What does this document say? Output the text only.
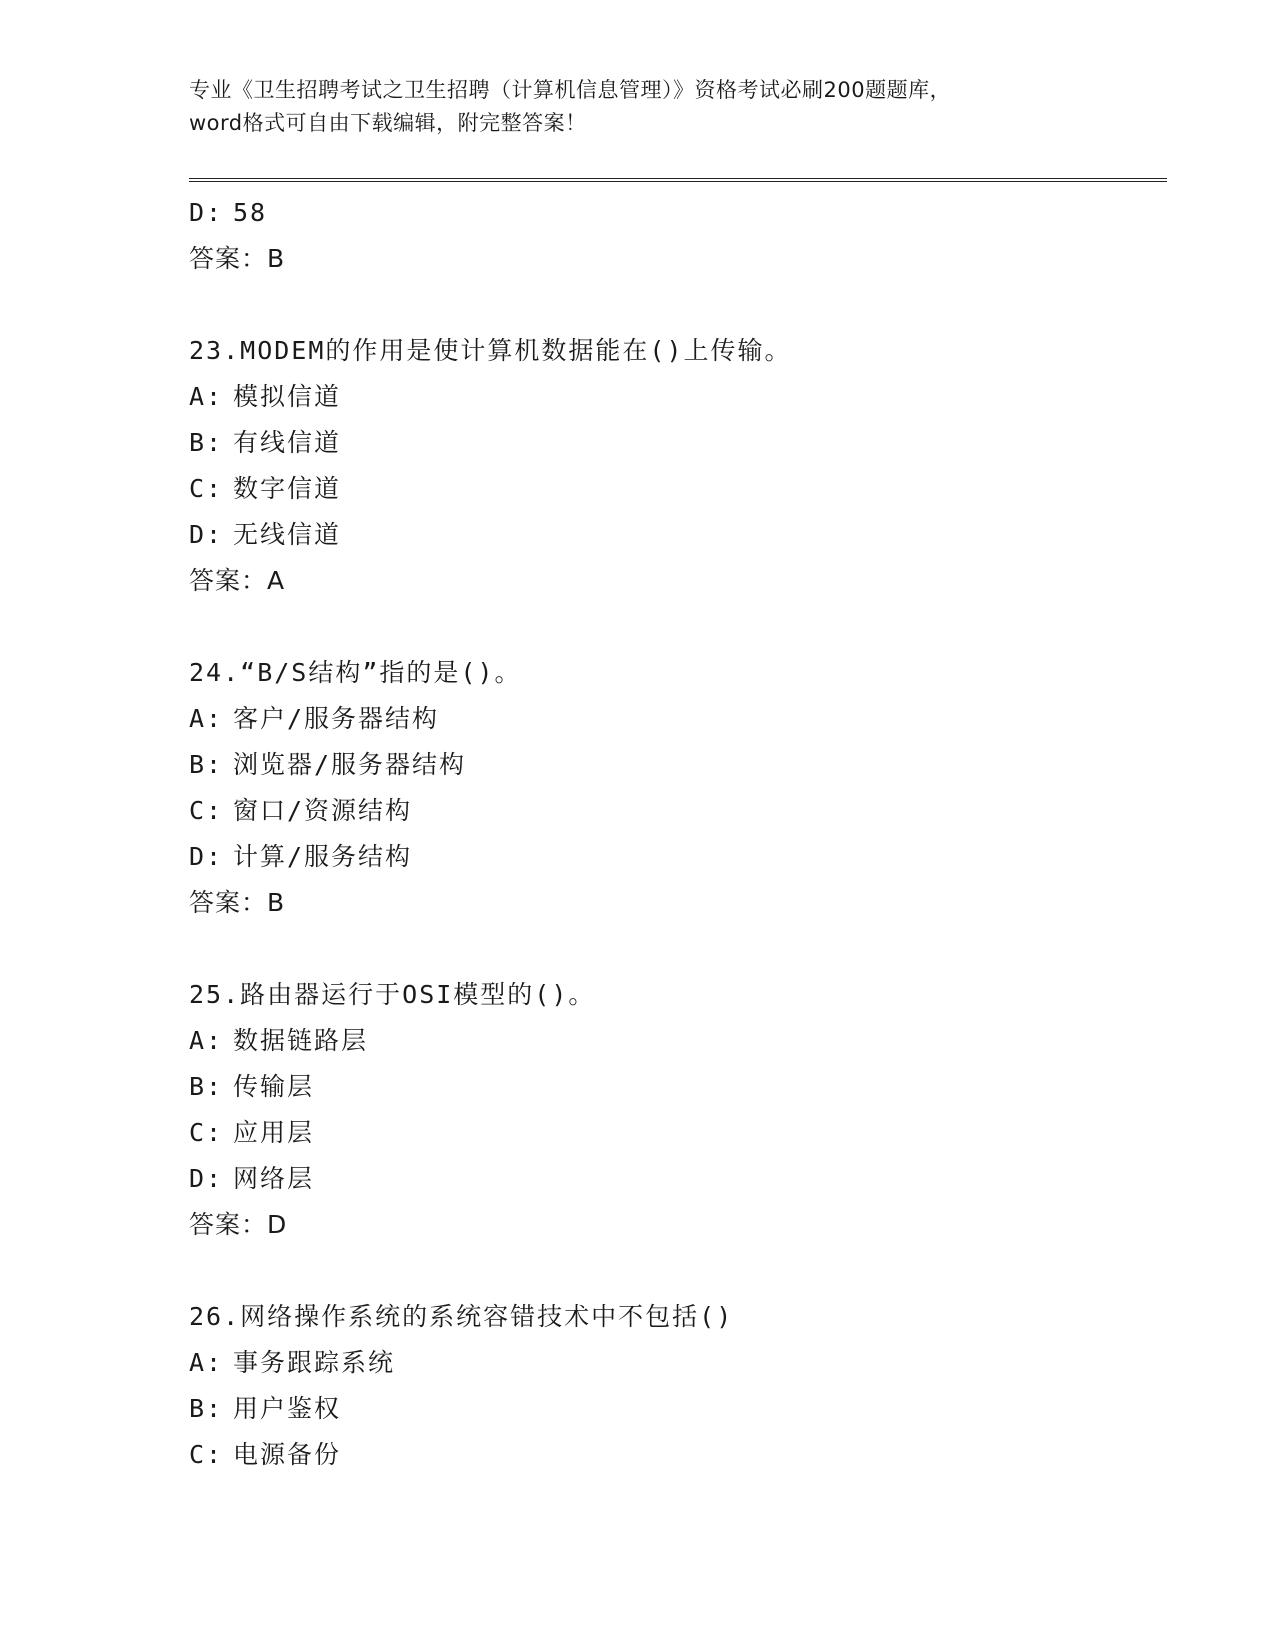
专业《卫生招聘考试之卫生招聘（计算机信息管理）》资格考试必刷200题题库，
word格式可自由下载编辑，附完整答案！
D: 58
答案：B
23.MODEM的作用是使计算机数据能在()上传输。
A: 模拟信道
B: 有线信道
C: 数字信道
D: 无线信道
答案：A
24.“B/S结构”指的是()。
A: 客户/服务器结构
B: 浏览器/服务器结构
C: 窗口/资源结构
D: 计算/服务结构
答案：B
25.路由器运行于OSI模型的()。
A: 数据链路层
B: 传输层
C: 应用层
D: 网络层
答案：D
26.网络操作系统的系统容错技术中不包括()
A: 事务跟踪系统
B: 用户鉴权
C: 电源备份
